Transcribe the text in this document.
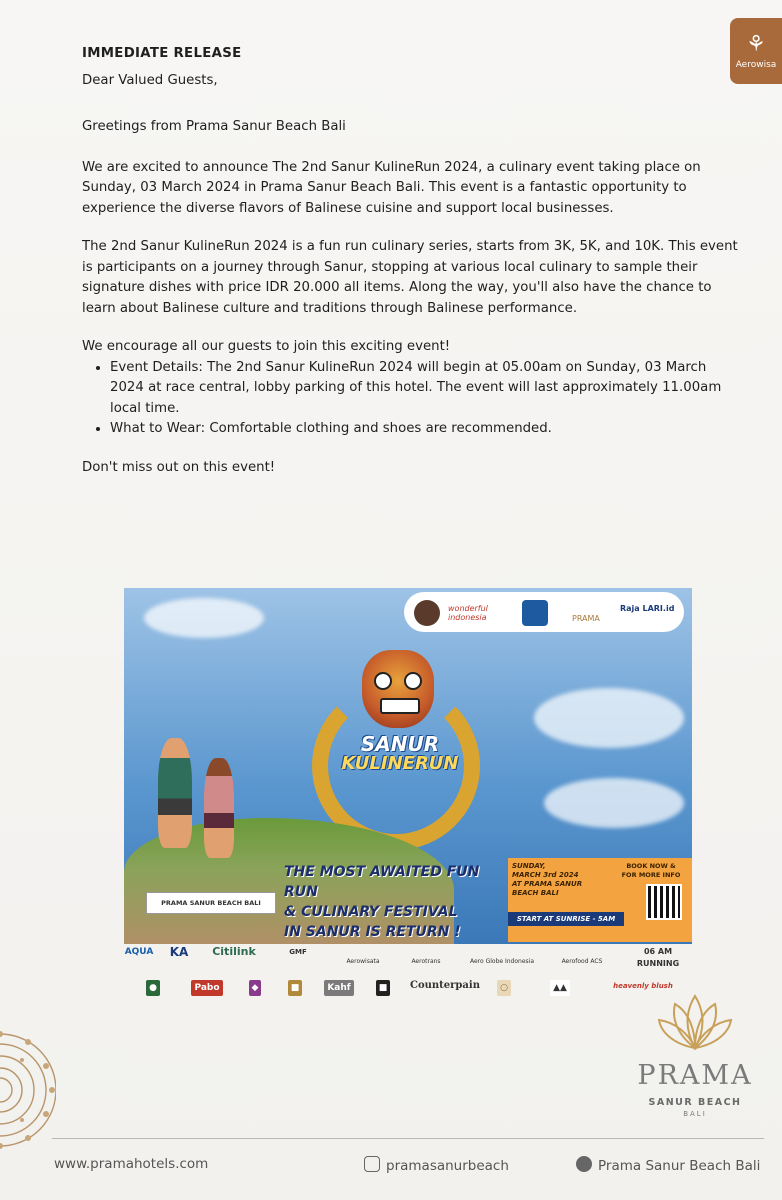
⚘
Aerowisa

IMMEDIATE RELEASE

Dear Valued Guests,

Greetings from Prama Sanur Beach Bali

We are excited to announce The 2nd Sanur KulineRun 2024, a culinary event taking place on Sunday, 03 March 2024 in Prama Sanur Beach Bali. This event is a fantastic opportunity to experience the diverse flavors of Balinese cuisine and support local businesses.

The 2nd Sanur KulineRun 2024 is a fun run culinary series, starts from 3K, 5K, and 10K. This event is participants on a journey through Sanur, stopping at various local culinary to sample their signature dishes with price IDR 20.000 all items. Along the way, you'll also have the chance to learn about Balinese culture and traditions through Balinese performance.

We encourage all our guests to join this exciting event!

• Event Details: The 2nd Sanur KulineRun 2024 will begin at 05.00am on Sunday, 03 March 2024 at race central, lobby parking of this hotel. The event will last approximately 11.00am local time.
• What to Wear: Comfortable clothing and shoes are recommended.

Don't miss out on this event!

wonderful indonesia	PRAMA
Raja LARI.id
SANUR
KULINERUN
PRAMA SANUR BEACH BALI
THE MOST AWAITED FUN RUN
& CULINARY FESTIVAL
IN SANUR IS RETURN !
SUNDAY,
MARCH 3rd 2024
AT PRAMA SANUR
BEACH BALI
BOOK NOW &
FOR MORE INFO
START AT SUNRISE - 5AM
AQUA	KA	Citilink	GMF
Aerowisata	Aerotrans	Aero Globe Indonesia	Aerofood ACS
06 AM RUNNING
●	Pabo	◆	■	Kahf	■	Counterpain	○	▲▲	heavenly blush
PRAMA
SANUR BEACH
BALI
www.pramahotels.com	pramasanurbeach	Prama Sanur Beach Bali
